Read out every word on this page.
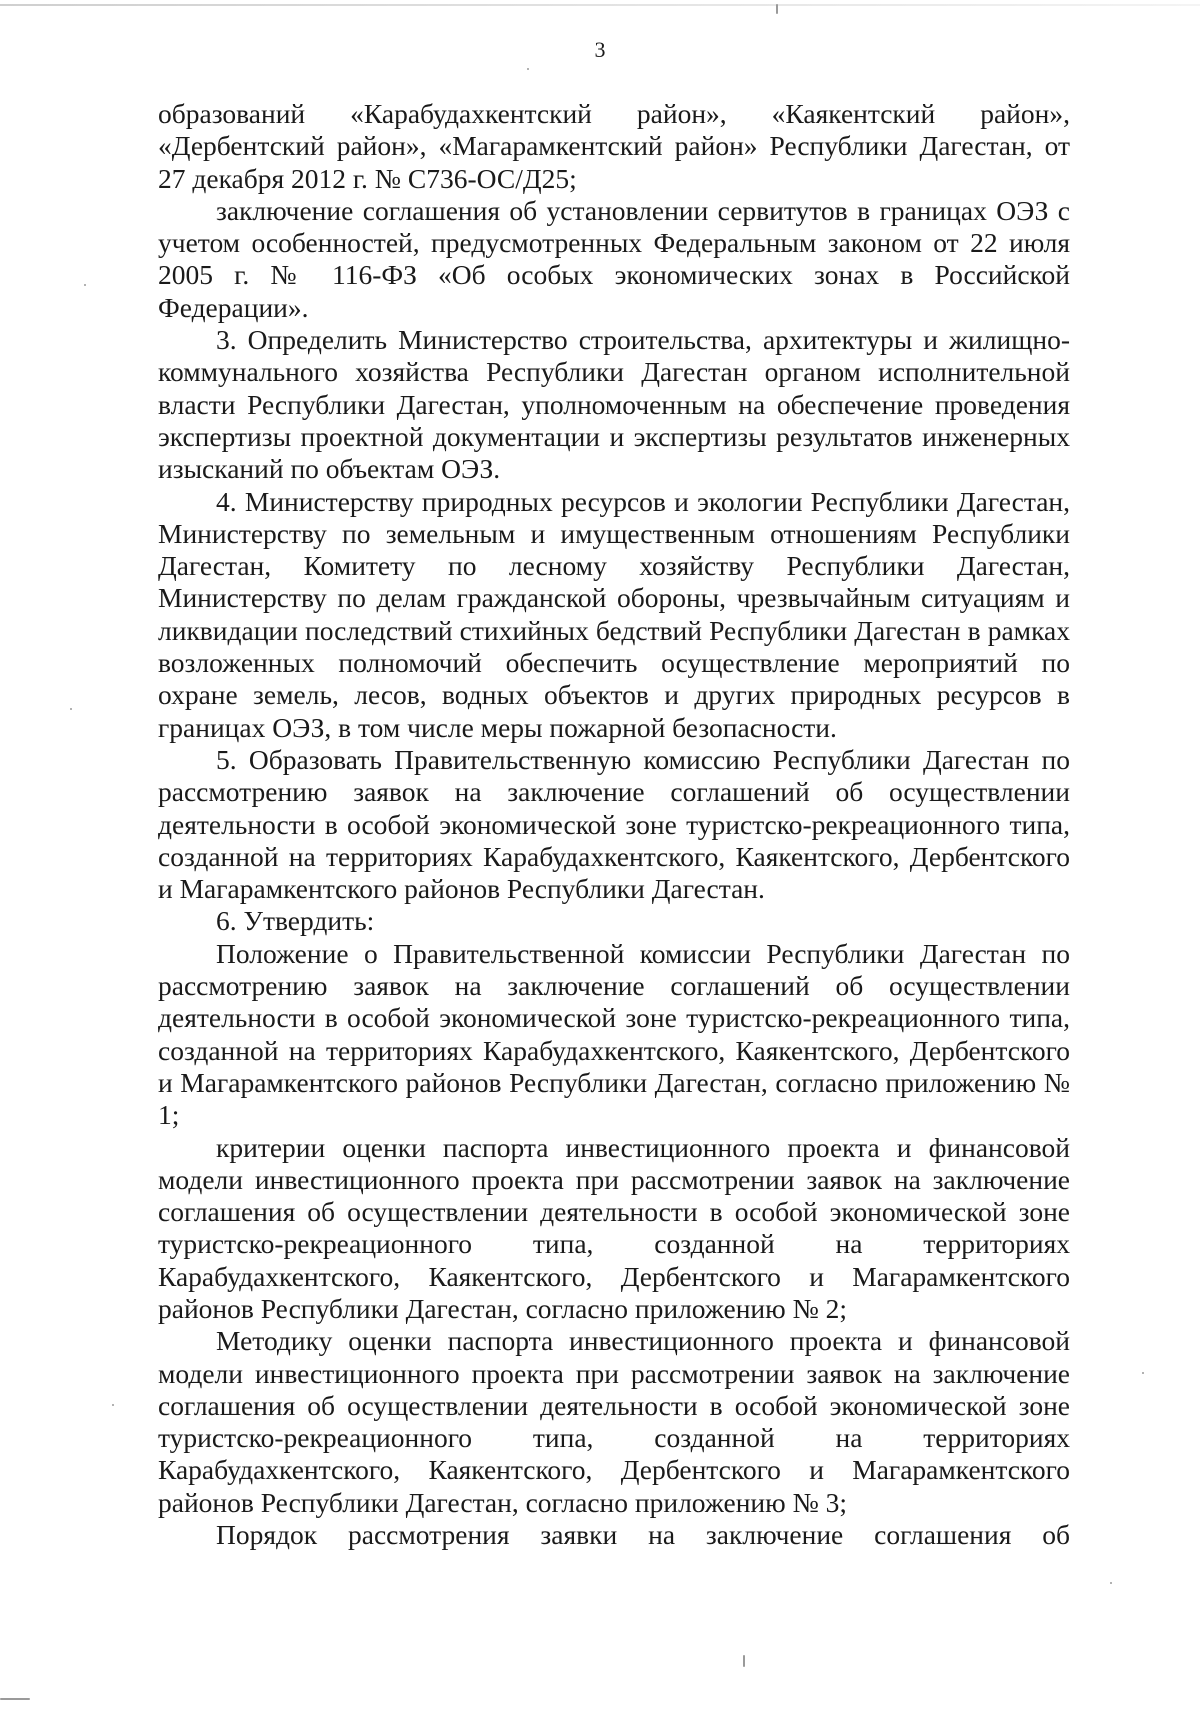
3

образований «Карабудахкентский район», «Каякентский район», «Дербентский район», «Магарамкентский район» Республики Дагестан, от 27 декабря 2012 г. № С736-ОС/Д25;

заключение соглашения об установлении сервитутов в границах ОЭЗ с учетом особенностей, предусмотренных Федеральным законом от 22 июля 2005 г. № 116-ФЗ «Об особых экономических зонах в Российской Федерации».

3. Определить Министерство строительства, архитектуры и жилищно-коммунального хозяйства Республики Дагестан органом исполнительной власти Республики Дагестан, уполномоченным на обеспечение проведения экспертизы проектной документации и экспертизы результатов инженерных изысканий по объектам ОЭЗ.

4. Министерству природных ресурсов и экологии Республики Дагестан, Министерству по земельным и имущественным отношениям Республики Дагестан, Комитету по лесному хозяйству Республики Дагестан, Министерству по делам гражданской обороны, чрезвычайным ситуациям и ликвидации последствий стихийных бедствий Республики Дагестан в рамках возложенных полномочий обеспечить осуществление мероприятий по охране земель, лесов, водных объектов и других природных ресурсов в границах ОЭЗ, в том числе меры пожарной безопасности.

5. Образовать Правительственную комиссию Республики Дагестан по рассмотрению заявок на заключение соглашений об осуществлении деятельности в особой экономической зоне туристско-рекреационного типа, созданной на территориях Карабудахкентского, Каякентского, Дербентского и Магарамкентского районов Республики Дагестан.

6. Утвердить:

Положение о Правительственной комиссии Республики Дагестан по рассмотрению заявок на заключение соглашений об осуществлении деятельности в особой экономической зоне туристско-рекреационного типа, созданной на территориях Карабудахкентского, Каякентского, Дербентского и Магарамкентского районов Республики Дагестан, согласно приложению № 1;

критерии оценки паспорта инвестиционного проекта и финансовой модели инвестиционного проекта при рассмотрении заявок на заключение соглашения об осуществлении деятельности в особой экономической зоне туристско-рекреационного типа, созданной на территориях Карабудахкентского, Каякентского, Дербентского и Магарамкентского районов Республики Дагестан, согласно приложению № 2;

Методику оценки паспорта инвестиционного проекта и финансовой модели инвестиционного проекта при рассмотрении заявок на заключение соглашения об осуществлении деятельности в особой экономической зоне туристско-рекреационного типа, созданной на территориях Карабудахкентского, Каякентского, Дербентского и Магарамкентского районов Республики Дагестан, согласно приложению № 3;

Порядок рассмотрения заявки на заключение соглашения об
